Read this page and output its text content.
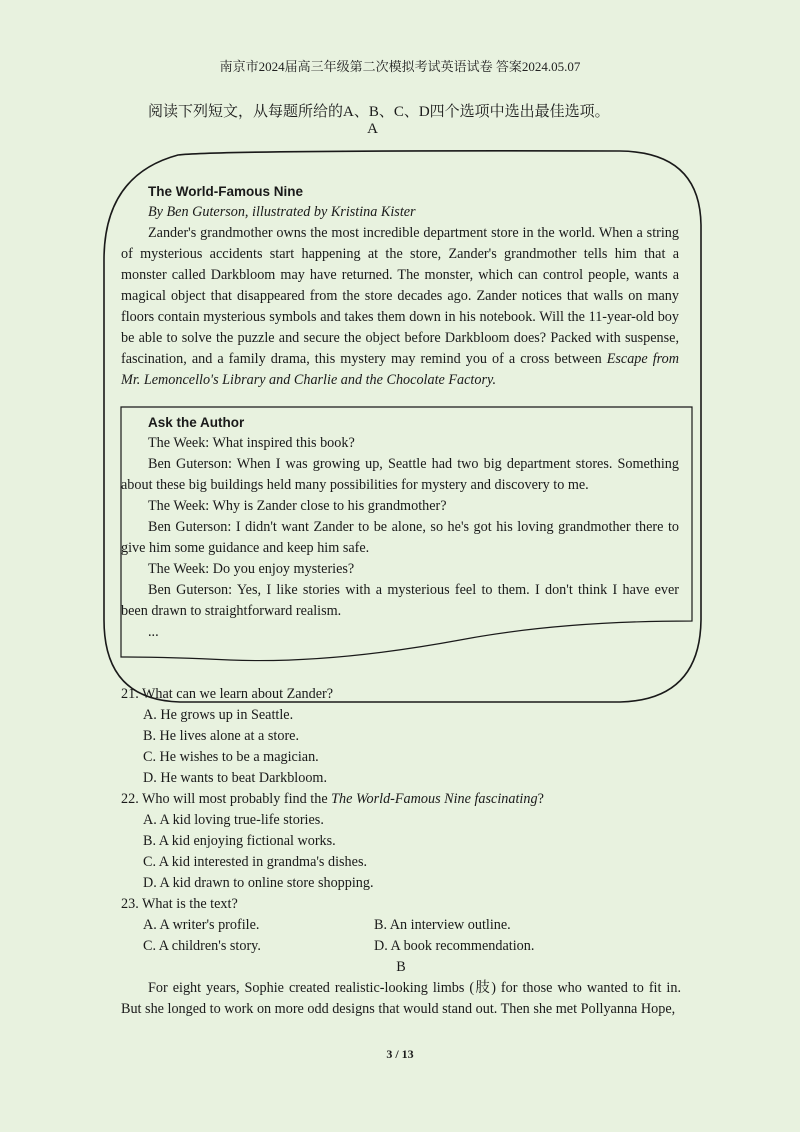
南京市2024届高三年级第二次模拟考试英语试卷 答案2024.05.07
阅读下列短文，从每题所给的A、B、C、D四个选项中选出最佳选项。
A
The World-Famous Nine
By Ben Guterson, illustrated by Kristina Kister
Zander's grandmother owns the most incredible department store in the world. When a string of mysterious accidents start happening at the store, Zander's grandmother tells him that a monster called Darkbloom may have returned. The monster, which can control people, wants a magical object that disappeared from the store decades ago. Zander notices that walls on many floors contain mysterious symbols and takes them down in his notebook. Will the 11-year-old boy be able to solve the puzzle and secure the object before Darkbloom does? Packed with suspense, fascination, and a family drama, this mystery may remind you of a cross between Escape from Mr. Lemoncello's Library and Charlie and the Chocolate Factory.
Ask the Author
The Week: What inspired this book?
Ben Guterson: When I was growing up, Seattle had two big department stores. Something about these big buildings held many possibilities for mystery and discovery to me.
The Week: Why is Zander close to his grandmother?
Ben Guterson: I didn't want Zander to be alone, so he's got his loving grandmother there to give him some guidance and keep him safe.
The Week: Do you enjoy mysteries?
Ben Guterson: Yes, I like stories with a mysterious feel to them. I don't think I have ever been drawn to straightforward realism.
...
21. What can we learn about Zander?
A. He grows up in Seattle.
B. He lives alone at a store.
C. He wishes to be a magician.
D. He wants to beat Darkbloom.
22. Who will most probably find the The World-Famous Nine fascinating?
A. A kid loving true-life stories.
B. A kid enjoying fictional works.
C. A kid interested in grandma's dishes.
D. A kid drawn to online store shopping.
23. What is the text?
A. A writer's profile.	B. An interview outline.
C. A children's story.	D. A book recommendation.
B
For eight years, Sophie created realistic-looking limbs (肢) for those who wanted to fit in. But she longed to work on more odd designs that would stand out. Then she met Pollyanna Hope,
3 / 13
